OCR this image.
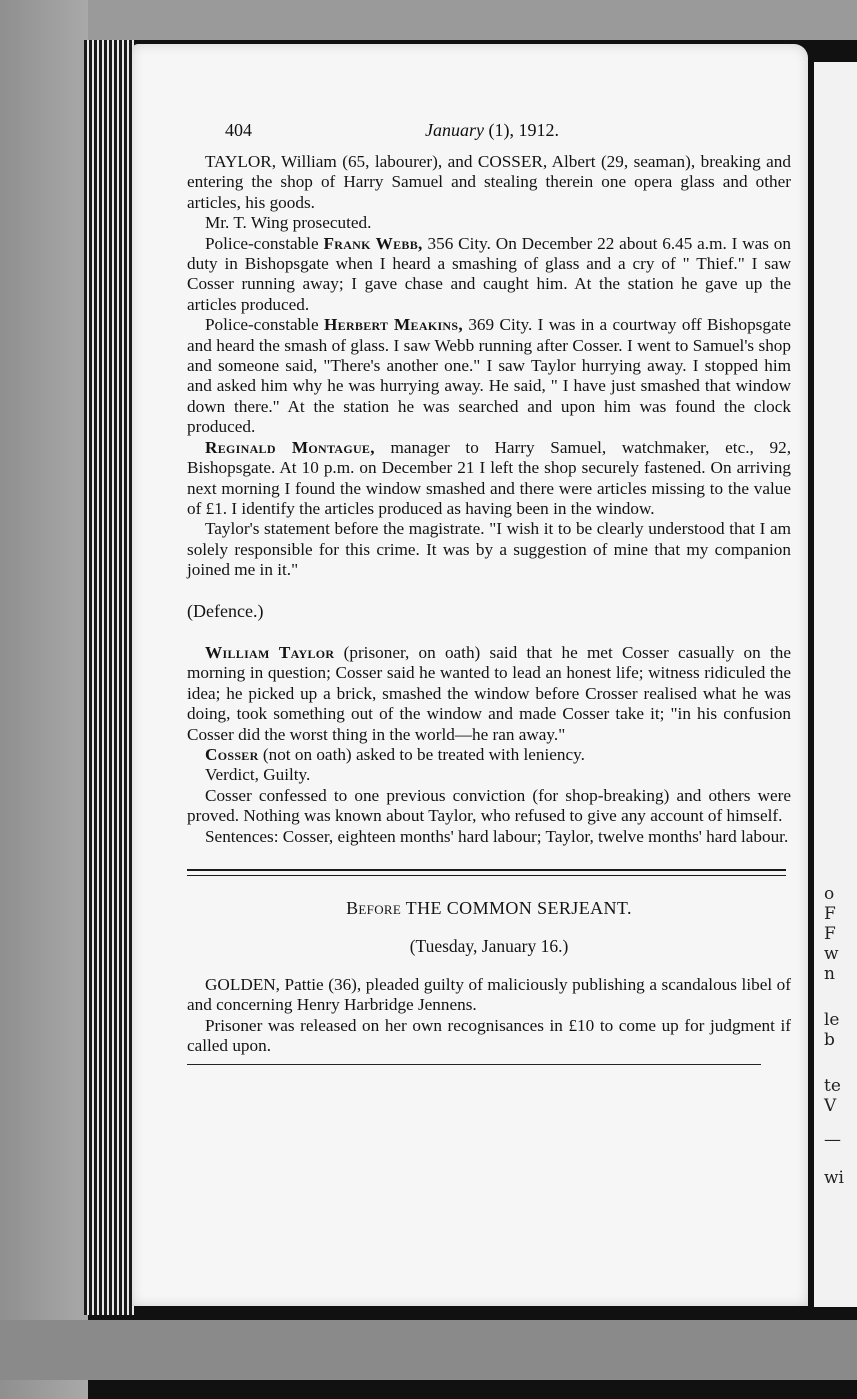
o
F
F
w
n
le
b
te
V
—
wi
404	January (1), 1912.

TAYLOR, William (65, labourer), and COSSER, Albert (29, seaman), breaking and entering the shop of Harry Samuel and stealing therein one opera glass and other articles, his goods.

Mr. T. Wing prosecuted.

Police-constable Frank Webb, 356 City. On December 22 about 6.45 a.m. I was on duty in Bishopsgate when I heard a smashing of glass and a cry of " Thief." I saw Cosser running away; I gave chase and caught him. At the station he gave up the articles produced.

Police-constable Herbert Meakins, 369 City. I was in a courtway off Bishopsgate and heard the smash of glass. I saw Webb running after Cosser. I went to Samuel's shop and someone said, "There's another one." I saw Taylor hurrying away. I stopped him and asked him why he was hurrying away. He said, " I have just smashed that window down there." At the station he was searched and upon him was found the clock produced.

Reginald Montague, manager to Harry Samuel, watchmaker, etc., 92, Bishopsgate. At 10 p.m. on December 21 I left the shop securely fastened. On arriving next morning I found the window smashed and there were articles missing to the value of £1. I identify the articles produced as having been in the window.

Taylor's statement before the magistrate. "I wish it to be clearly understood that I am solely responsible for this crime. It was by a suggestion of mine that my companion joined me in it."

(Defence.)

William Taylor (prisoner, on oath) said that he met Cosser casually on the morning in question; Cosser said he wanted to lead an honest life; witness ridiculed the idea; he picked up a brick, smashed the window before Crosser realised what he was doing, took something out of the window and made Cosser take it; "in his confusion Cosser did the worst thing in the world—he ran away."

Cosser (not on oath) asked to be treated with leniency.

Verdict, Guilty.

Cosser confessed to one previous conviction (for shop-breaking) and others were proved. Nothing was known about Taylor, who refused to give any account of himself.

Sentences: Cosser, eighteen months' hard labour; Taylor, twelve months' hard labour.

Before THE COMMON SERJEANT.
(Tuesday, January 16.)

GOLDEN, Pattie (36), pleaded guilty of maliciously publishing a scandalous libel of and concerning Henry Harbridge Jennens.

Prisoner was released on her own recognisances in £10 to come up for judgment if called upon.
